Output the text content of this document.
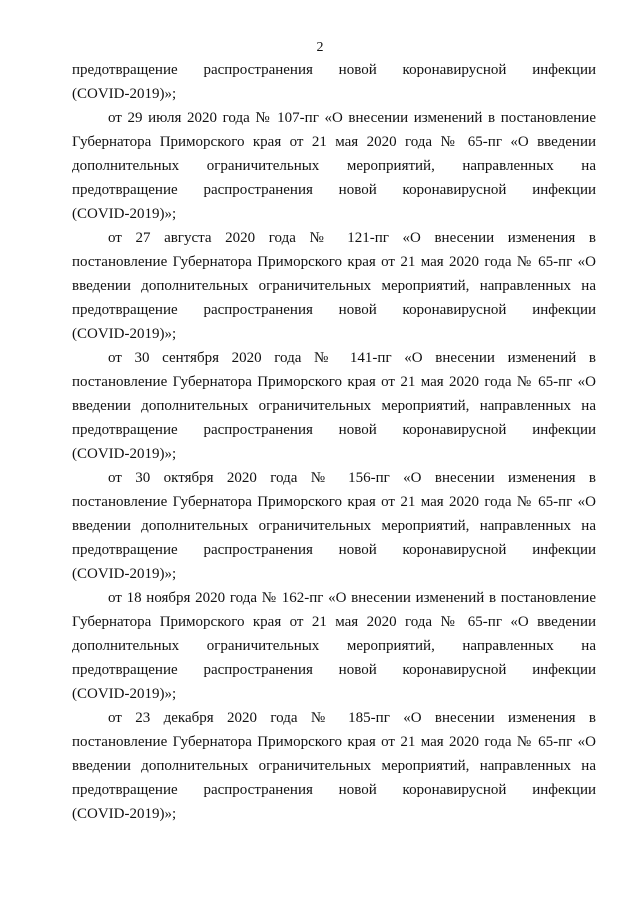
2
предотвращение распространения новой коронавирусной инфекции
(COVID-2019)»;
от 29 июля 2020 года № 107-пг «О внесении изменений в постановление
Губернатора Приморского края от 21 мая 2020 года № 65-пг «О введении
дополнительных ограничительных мероприятий, направленных на
предотвращение распространения новой коронавирусной инфекции
(COVID-2019)»;
от 27 августа 2020 года № 121-пг «О внесении изменения в
постановление Губернатора Приморского края от 21 мая 2020 года № 65-пг «О
введении дополнительных ограничительных мероприятий, направленных на
предотвращение распространения новой коронавирусной инфекции
(COVID-2019)»;
от 30 сентября 2020 года № 141-пг «О внесении изменений в
постановление Губернатора Приморского края от 21 мая 2020 года № 65-пг «О
введении дополнительных ограничительных мероприятий, направленных на
предотвращение распространения новой коронавирусной инфекции
(COVID-2019)»;
от 30 октября 2020 года № 156-пг «О внесении изменения в
постановление Губернатора Приморского края от 21 мая 2020 года № 65-пг «О
введении дополнительных ограничительных мероприятий, направленных на
предотвращение распространения новой коронавирусной инфекции
(COVID-2019)»;
от 18 ноября 2020 года № 162-пг «О внесении изменений в постановление
Губернатора Приморского края от 21 мая 2020 года № 65-пг «О введении
дополнительных ограничительных мероприятий, направленных на
предотвращение распространения новой коронавирусной инфекции
(COVID-2019)»;
от 23 декабря 2020 года № 185-пг «О внесении изменения в
постановление Губернатора Приморского края от 21 мая 2020 года № 65-пг «О
введении дополнительных ограничительных мероприятий, направленных на
предотвращение распространения новой коронавирусной инфекции
(COVID-2019)»;
